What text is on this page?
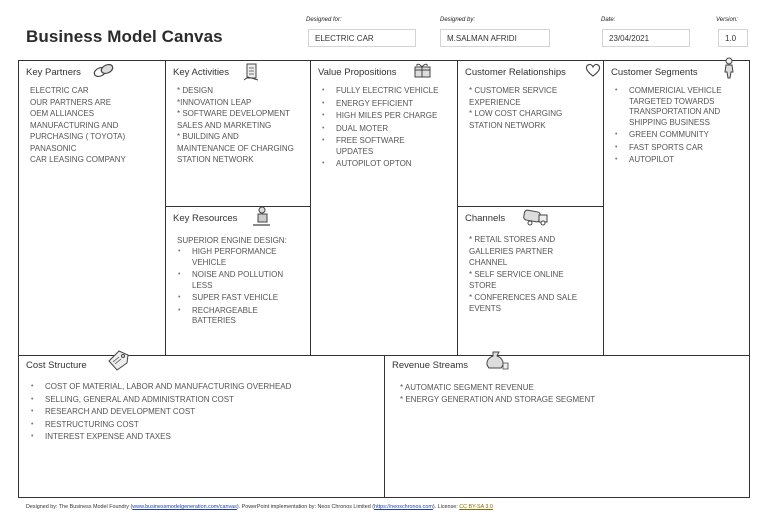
Business Model Canvas
Designed for:
ELECTRIC CAR
Designed by:
M.SALMAN AFRIDI
Date:
23/04/2021
Version:
1.0
Key Partners
ELECTRIC CAR
OUR PARTNERS ARE
OEM ALLIANCES
MANUFACTURING AND PURCHASING ( TOYOTA)
PANASONIC
CAR LEASING COMPANY
Key Activities
* DESIGN
*INNOVATION LEAP
* SOFTWARE DEVELOPMENT
SALES AND MARKETING
* BUILDING AND MAINTENANCE OF CHARGING STATION NETWORK
Key Resources
SUPERIOR ENGINE DESIGN:
• HIGH PERFORMANCE VEHICLE
• NOISE AND POLLUTION LESS
• SUPER FAST VEHICLE
• RECHARGEABLE BATTERIES
Value Propositions
• FULLY ELECTRIC VEHICLE
• ENERGY EFFICIENT
• HIGH MILES PER CHARGE
• DUAL MOTER
• FREE SOFTWARE UPDATES
• AUTOPILOT OPTON
Customer Relationships
* CUSTOMER SERVICE EXPERIENCE
* LOW COST CHARGING STATION NETWORK
Channels
* RETAIL STORES AND GALLERIES PARTNER CHANNEL
* SELF SERVICE ONLINE STORE
* CONFERENCES AND SALE EVENTS
Customer Segments
• COMMERICIAL VEHICLE TARGETED TOWARDS TRANSPORTATION AND SHIPPING BUSINESS
• GREEN COMMUNITY
• FAST SPORTS CAR
• AUTOPILOT
Cost Structure
• COST OF MATERIAL, LABOR AND MANUFACTURING OVERHEAD
• SELLING, GENERAL AND ADMINISTRATION COST
• RESEARCH AND DEVELOPMENT COST
• RESTRUCTURING COST
• INTEREST EXPENSE AND TAXES
Revenue Streams
* AUTOMATIC SEGMENT REVENUE
* ENERGY GENERATION AND STORAGE SEGMENT
Designed by: The Business Model Foundry (www.businessmodelgeneration.com/canvas). PowerPoint implementation by: Neos Chronos Limited (https://neoschronos.com). License: CC BY-SA 3.0
